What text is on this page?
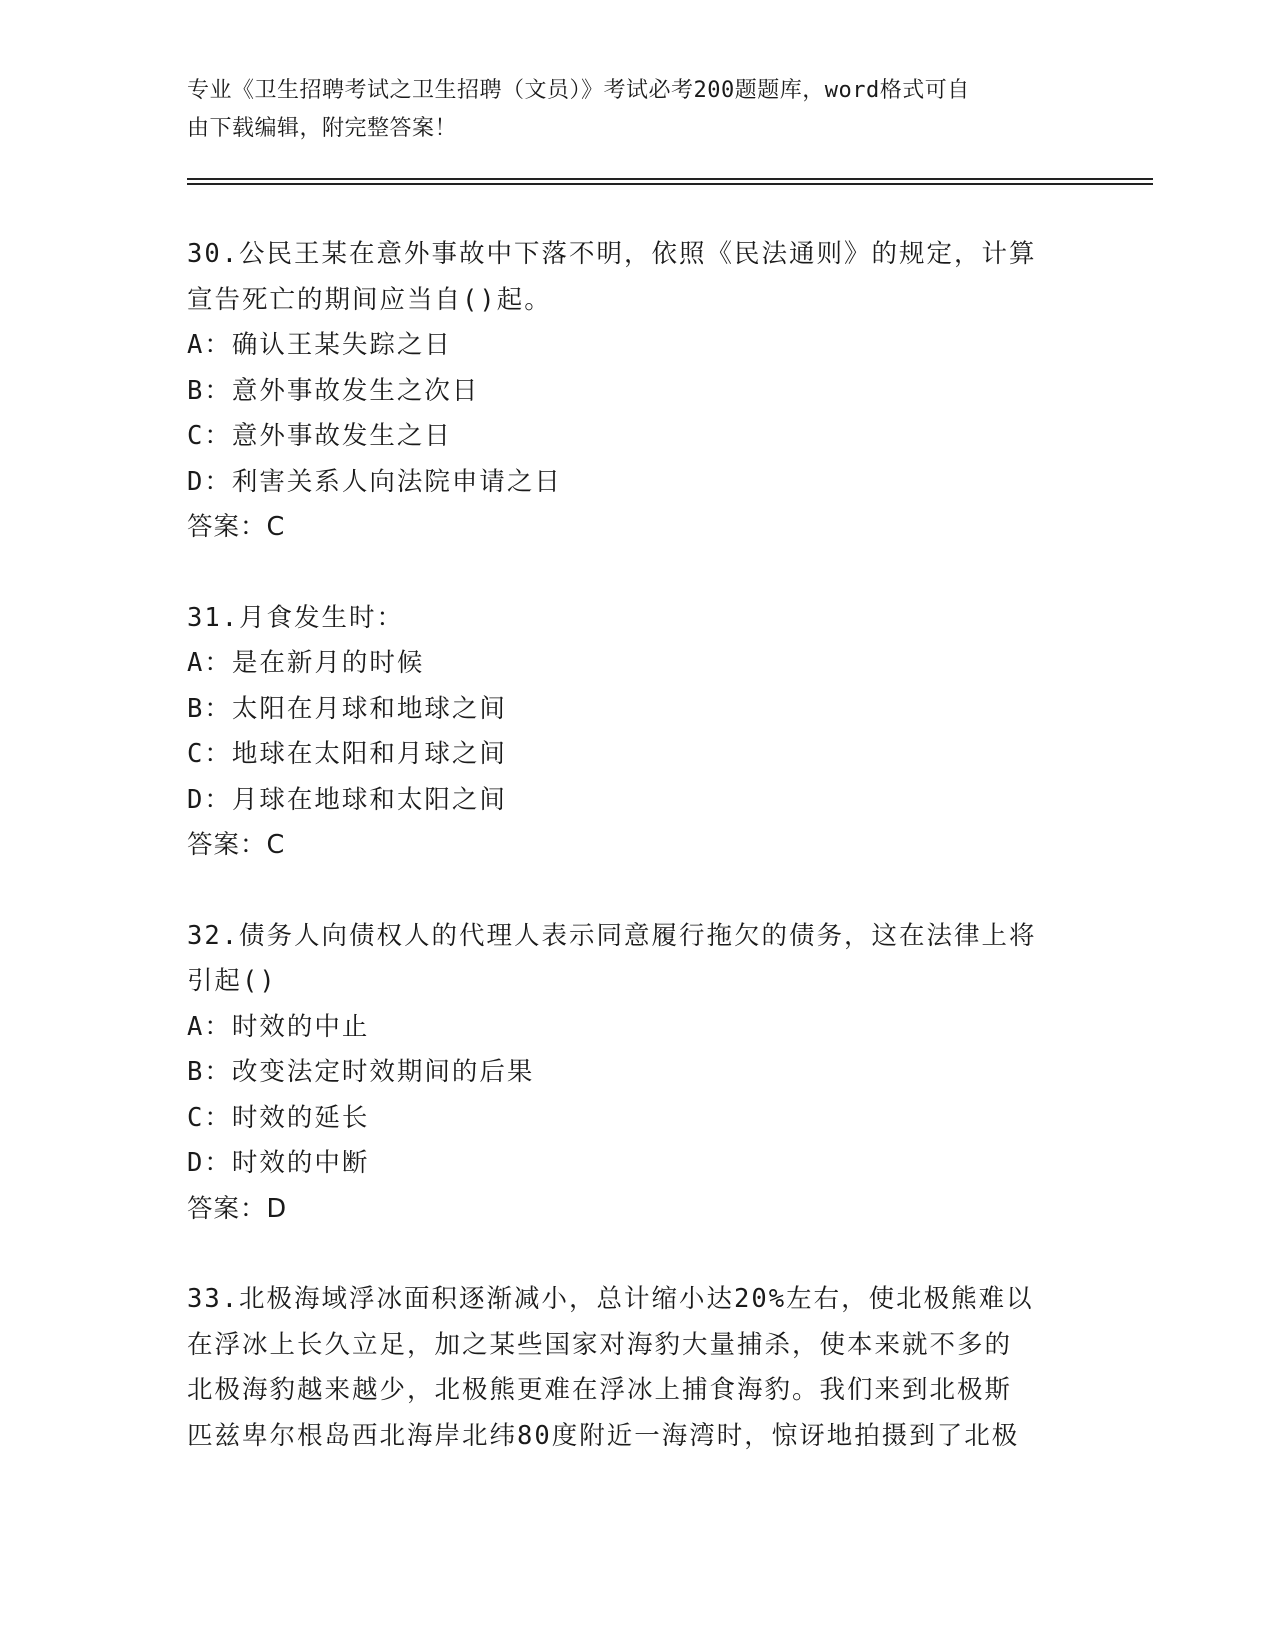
专业《卫生招聘考试之卫生招聘（文员）》考试必考200题题库，word格式可自
由下载编辑，附完整答案！
30.公民王某在意外事故中下落不明，依照《民法通则》的规定，计算
宣告死亡的期间应当自()起。
A：确认王某失踪之日
B：意外事故发生之次日
C：意外事故发生之日
D：利害关系人向法院申请之日
答案：C
31.月食发生时：
A：是在新月的时候
B：太阳在月球和地球之间
C：地球在太阳和月球之间
D：月球在地球和太阳之间
答案：C
32.债务人向债权人的代理人表示同意履行拖欠的债务，这在法律上将
引起()
A：时效的中止
B：改变法定时效期间的后果
C：时效的延长
D：时效的中断
答案：D
33.北极海域浮冰面积逐渐减小，总计缩小达20%左右，使北极熊难以
在浮冰上长久立足，加之某些国家对海豹大量捕杀，使本来就不多的
北极海豹越来越少，北极熊更难在浮冰上捕食海豹。我们来到北极斯
匹兹卑尔根岛西北海岸北纬80度附近一海湾时，惊讶地拍摄到了北极
